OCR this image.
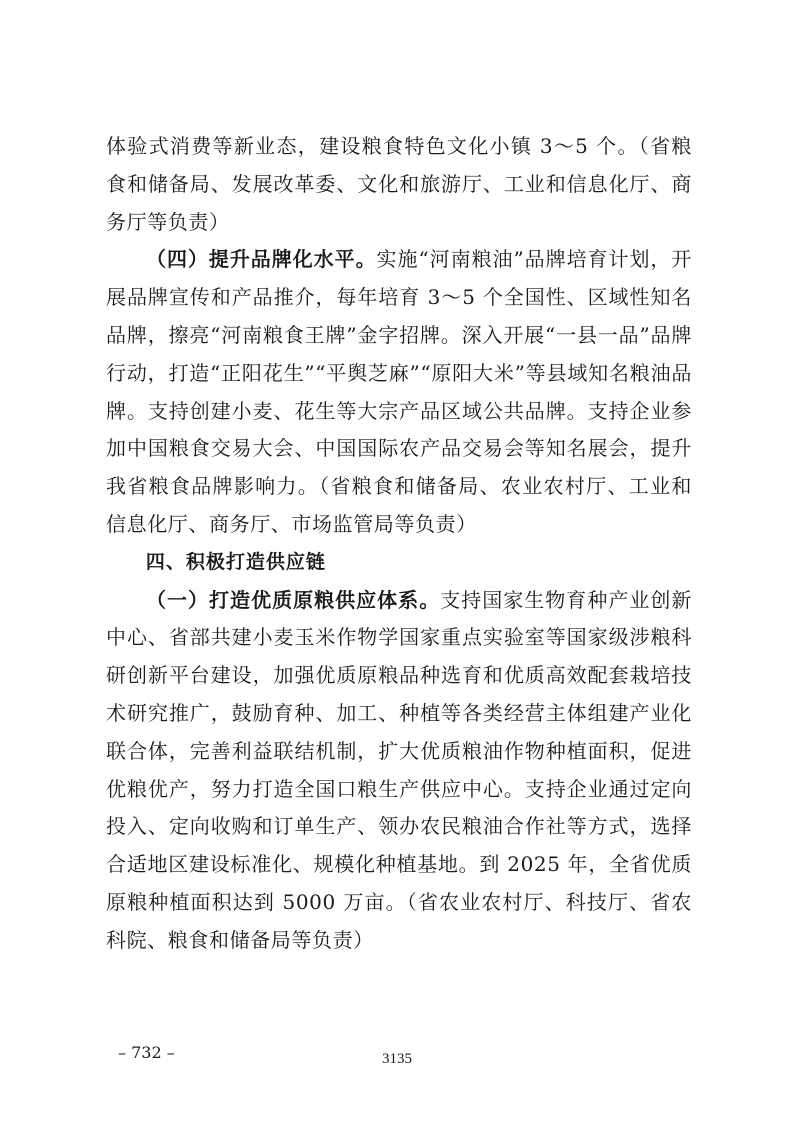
体验式消费等新业态，建设粮食特色文化小镇 3～5 个。（省粮食和储备局、发展改革委、文化和旅游厅、工业和信息化厅、商务厅等负责）

（四）提升品牌化水平。实施“河南粮油”品牌培育计划，开展品牌宣传和产品推介，每年培育 3～5 个全国性、区域性知名品牌，擦亮“河南粮食王牌”金字招牌。深入开展“一县一品”品牌行动，打造“正阳花生”“平舆芝麻”“原阳大米”等县域知名粮油品牌。支持创建小麦、花生等大宗产品区域公共品牌。支持企业参加中国粮食交易大会、中国国际农产品交易会等知名展会，提升我省粮食品牌影响力。（省粮食和储备局、农业农村厅、工业和信息化厅、商务厅、市场监管局等负责）

四、积极打造供应链

（一）打造优质原粮供应体系。支持国家生物育种产业创新中心、省部共建小麦玉米作物学国家重点实验室等国家级涉粮科研创新平台建设，加强优质原粮品种选育和优质高效配套栽培技术研究推广，鼓励育种、加工、种植等各类经营主体组建产业化联合体，完善利益联结机制，扩大优质粮油作物种植面积，促进优粮优产，努力打造全国口粮生产供应中心。支持企业通过定向投入、定向收购和订单生产、领办农民粮油合作社等方式，选择合适地区建设标准化、规模化种植基地。到 2025 年，全省优质原粮种植面积达到 5000 万亩。（省农业农村厅、科技厅、省农科院、粮食和储备局等负责）

– 732 –	3135
